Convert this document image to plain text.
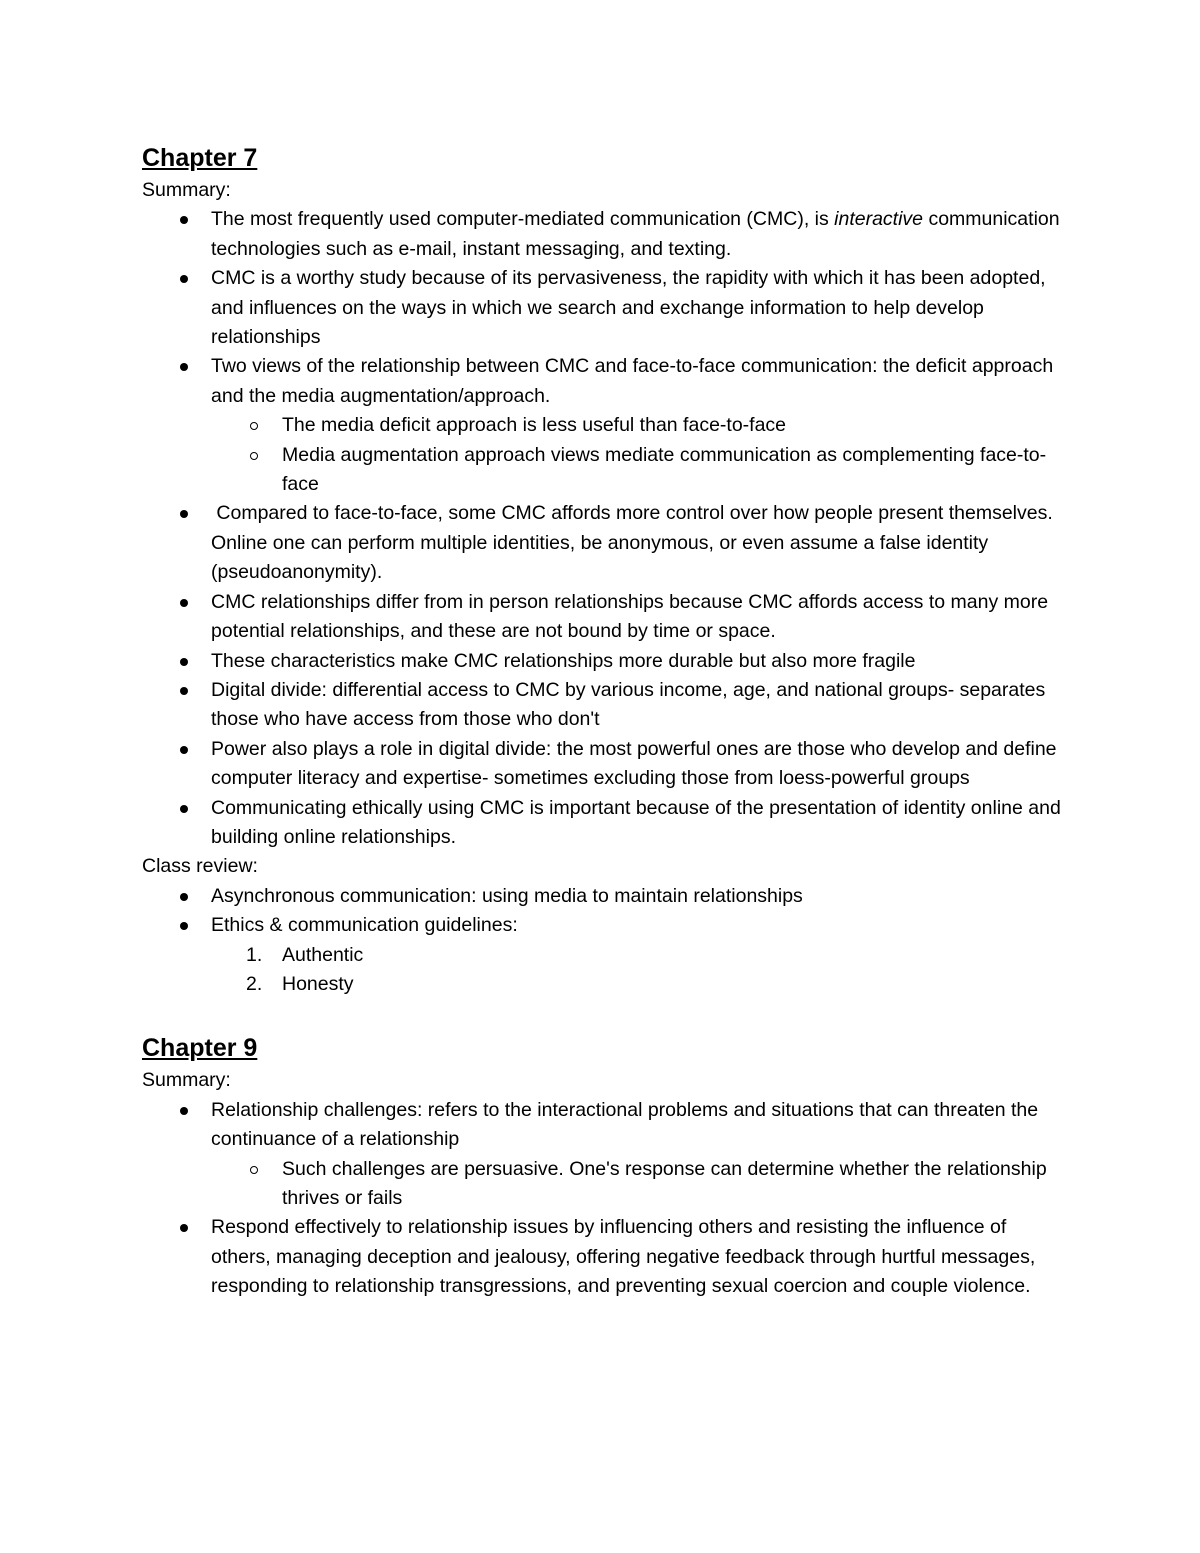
Chapter 7

Summary:

The most frequently used computer-mediated communication (CMC), is interactive communication technologies such as e-mail, instant messaging, and texting.
CMC is a worthy study because of its pervasiveness, the rapidity with which it has been adopted, and influences on the ways in which we search and exchange information to help develop relationships
Two views of the relationship between CMC and face-to-face communication: the deficit approach and the media augmentation/approach.
The media deficit approach is less useful than face-to-face
Media augmentation approach views mediate communication as complementing face-to-face
Compared to face-to-face, some CMC affords more control over how people present themselves. Online one can perform multiple identities, be anonymous, or even assume a false identity (pseudoanonymity).
CMC relationships differ from in person relationships because CMC affords access to many more potential relationships, and these are not bound by time or space.
These characteristics make CMC relationships more durable but also more fragile
Digital divide: differential access to CMC by various income, age, and national groups- separates those who have access from those who don't
Power also plays a role in digital divide: the most powerful ones are those who develop and define computer literacy and expertise- sometimes excluding those from loess-powerful groups
Communicating ethically using CMC is important because of the presentation of identity online and building online relationships.

Class review:

Asynchronous communication: using media to maintain relationships
Ethics & communication guidelines:
1. Authentic
2. Honesty
Chapter 9

Summary:

Relationship challenges: refers to the interactional problems and situations that can threaten the continuance of a relationship
Such challenges are persuasive. One's response can determine whether the relationship thrives or fails
Respond effectively to relationship issues by influencing others and resisting the influence of others, managing deception and jealousy, offering negative feedback through hurtful messages, responding to relationship transgressions, and preventing sexual coercion and couple violence.
